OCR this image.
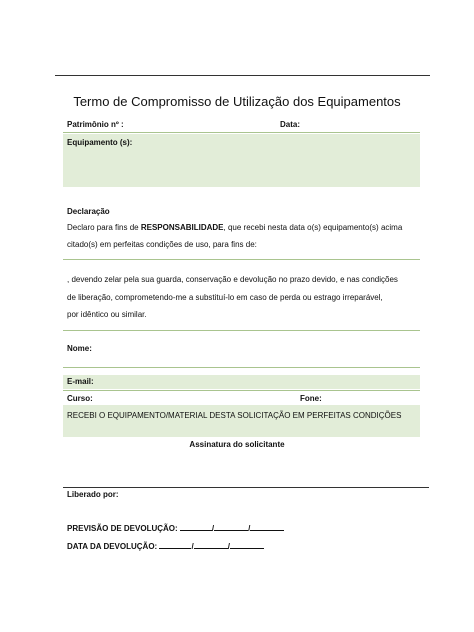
Termo de Compromisso de Utilização dos Equipamentos
Patrimônio nº :	Data:
Equipamento (s):
Declaração
Declaro para fins de RESPONSABILIDADE, que recebi nesta data o(s) equipamento(s) acima
citado(s) em perfeitas condições de uso, para fins de:
, devendo zelar pela sua guarda, conservação e devolução no prazo devido, e nas condições
de liberação, comprometendo-me a substituí-lo em caso de perda ou estrago irreparável,
por idêntico ou similar.
Nome:
E-mail:
Curso:	Fone:
RECEBI O EQUIPAMENTO/MATERIAL DESTA SOLICITAÇÃO EM PERFEITAS CONDIÇÕES
Assinatura do solicitante
Liberado por:
PREVISÃO DE DEVOLUÇÃO:	/	/
DATA DA DEVOLUÇÃO:	/	/
